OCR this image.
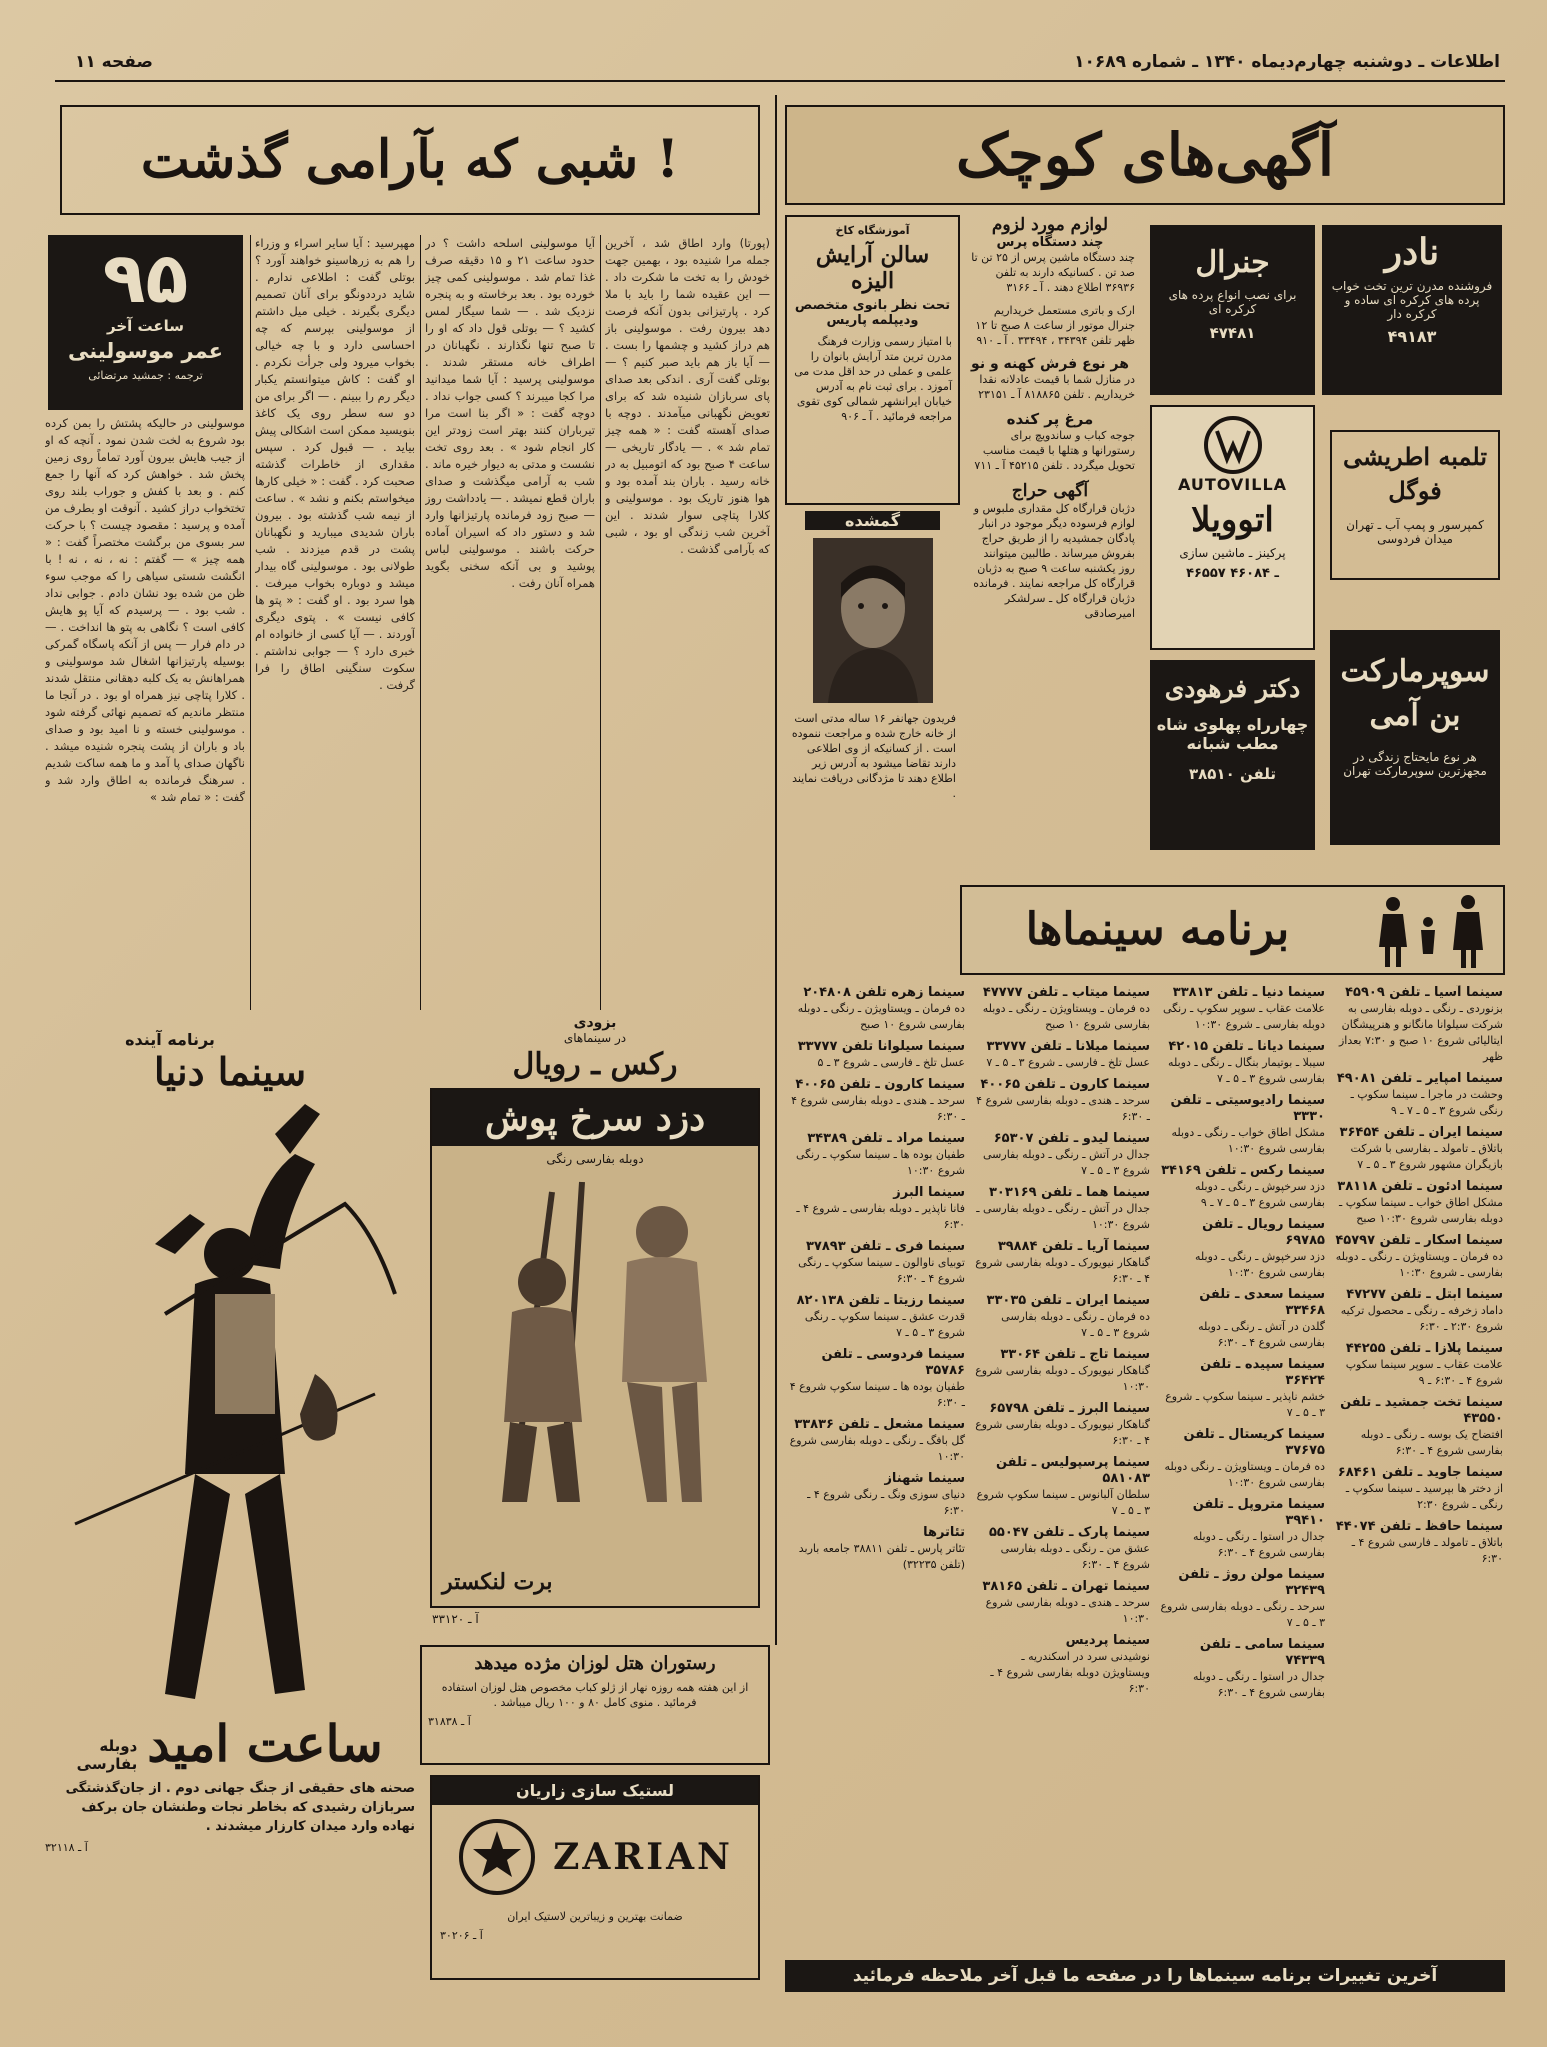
اطلاعات ـ دوشنبه چهارم‌دیماه ۱۳۴۰ ـ شماره ۱۰۶۸۹
صفحه ۱۱
شبی که بآرامی گذشت !
۹۵
ساعت آخر
عمر موسولینی
ترجمه : جمشید مرتضائی
موسولینی در حالیکه پشتش را بمن کرده بود شروع به لخت شدن نمود . آنچه که او از جیب هایش بیرون آورد تماماً روی زمین پخش شد . خواهش کرد که آنها را جمع کنم . و بعد با کفش و جوراب بلند روی تختخواب دراز کشید . آنوقت او بطرف من آمده و پرسید : مقصود چیست ؟ با حرکت سر بسوی من برگشت مختصراً گفت : « همه چیز » — گفتم : نه ، نه ، نه ! با انگشت شستی سیاهی را که موجب سوء ظن من شده بود نشان دادم . جوابی نداد . شب بود . — پرسیدم که آیا پو هایش کافی است ؟ نگاهی به پتو ها انداخت . — در دام فرار — پس از آنکه پاسگاه گمرکی بوسیله پارتیزانها اشغال شد موسولینی و همراهانش به یک کلبه دهقانی منتقل شدند . کلارا پتاچی نیز همراه او بود . در آنجا ما منتظر ماندیم که تصمیم نهائی گرفته شود . موسولینی خسته و نا امید بود و صدای باد و باران از پشت پنجره شنیده میشد . ناگهان صدای پا آمد و ما همه ساکت شدیم . سرهنگ فرمانده به اطاق وارد شد و گفت : « تمام شد »
مهپرسید : آیا سایر اسراء و وزراء را هم به زرهاسینو خواهند آورد ؟ بوتلی گفت : اطلاعی ندارم . شاید درددونگو برای آنان تصمیم دیگری بگیرند . خیلی میل داشتم از موسولینی بپرسم که چه احساسی دارد و با چه خیالی بخواب میرود ولی جرأت نکردم . او گفت : کاش میتوانستم یکبار دیگر رم را ببینم . — اگر برای من دو سه سطر روی یک کاغذ بنویسید ممکن است اشکالی پیش بیاید . — قبول کرد . سپس مقداری از خاطرات گذشته صحبت کرد . گفت : « خیلی کارها میخواستم بکنم و نشد » . ساعت از نیمه شب گذشته بود . بیرون باران شدیدی میبارید و نگهبانان پشت در قدم میزدند . شب طولانی بود . موسولینی گاه بیدار میشد و دوباره بخواب میرفت . هوا سرد بود . او گفت : « پتو ها کافی نیست » . پتوی دیگری آوردند . — آیا کسی از خانواده ام خبری دارد ؟ — جوابی نداشتم . سکوت سنگینی اطاق را فرا گرفت .
آیا موسولینی اسلحه داشت ؟ در حدود ساعت ۲۱ و ۱۵ دقیقه صرف غذا تمام شد . موسولینی کمی چیز خورده بود . بعد برخاسته و به پنجره نزدیک شد . — شما سیگار لمس کشید ؟ — بوتلی قول داد که او را تا صبح تنها نگذارند . نگهبانان در اطراف خانه مستقر شدند . موسولینی پرسید : آیا شما میدانید مرا کجا میبرند ؟ کسی جواب نداد . دوچه گفت : « اگر بنا است مرا تیرباران کنند بهتر است زودتر این کار انجام شود » . بعد روی تخت نشست و مدتی به دیوار خیره ماند . شب به آرامی میگذشت و صدای باران قطع نمیشد . — یادداشت روز — صبح زود فرمانده پارتیزانها وارد شد و دستور داد که اسیران آماده حرکت باشند . موسولینی لباس پوشید و بی آنکه سخنی بگوید همراه آنان رفت .
(پورتا) وارد اطاق شد ، آخرین جمله مرا شنیده بود ، بهمین جهت خودش را به تخت ما شکرت داد . — این عقیده شما را باید با ملا کرد . پارتیزانی بدون آنکه فرصت دهد بیرون رفت . موسولینی باز هم دراز کشید و چشمها را بست . — آیا باز هم باید صبر کنیم ؟ — بوتلی گفت آری . اندکی بعد صدای پای سربازان شنیده شد که برای تعویض نگهبانی میآمدند . دوچه با صدای آهسته گفت : « همه چیز تمام شد » . — یادگار تاریخی — ساعت ۴ صبح بود که اتومبیل به در خانه رسید . باران بند آمده بود و هوا هنوز تاریک بود . موسولینی و کلارا پتاچی سوار شدند . این آخرین شب زندگی او بود ، شبی که بآرامی گذشت .
آگهی‌های کوچک
آموزشگاه کاخ
سالن آرایش الیزه
تحت نظر بانوی متخصص ودیپلمه پاریس
با امتیاز رسمی وزارت فرهنگ مدرن ترین متد آرایش بانوان را علمی و عملی در حد اقل مدت می آموزد . برای ثبت نام به آدرس خیابان ایرانشهر شمالی کوی تقوی مراجعه فرمائید . آ ـ ۹۰۶
گمشده
فریدون جهانفر ۱۶ ساله مدتی است از خانه خارج شده و مراجعت ننموده است . از کسانیکه از وی اطلاعی دارند تقاضا میشود به آدرس زیر اطلاع دهند تا مژدگانی دریافت نمایند .
لوازم مورد لزوم
چند دستگاه پرس
چند دستگاه ماشین پرس از ۲۵ تن تا صد تن . کسانیکه دارند به تلفن ۳۶۹۳۶ اطلاع دهند . آ ـ ۳۱۶۶
ارک و باتری مستعمل خریداریم جنرال موتور از ساعت ۸ صبح تا ۱۲ ظهر تلفن ۳۴۳۹۴ ، ۳۳۴۹۴ . آ ـ ۹۱۰
هر نوع فرش کهنه و نو
در منازل شما با قیمت عادلانه نقدا خریداریم . تلفن ۸۱۸۸۶۵ آ ـ ۲۳۱۵۱
مرغ پر کنده
جوجه کباب و ساندویچ برای رستورانها و هتلها با قیمت مناسب تحویل میگردد . تلفن ۴۵۲۱۵ آ ـ ۷۱۱
آگهی حراج
دژبان قرارگاه کل مقداری ملبوس و لوازم فرسوده دیگر موجود در انبار پادگان جمشیدیه را از طریق حراج بفروش میرساند . طالبین میتوانند روز یکشنبه ساعت ۹ صبح به دژبان قرارگاه کل مراجعه نمایند . فرمانده دژبان قرارگاه کل ـ سرلشکر امیرصادقی
جنرال
برای نصب انواع پرده های کرکره ای
۴۷۴۸۱
نادر
فروشنده مدرن ترین تخت خواب پرده های کرکره ای ساده و کرکره دار
۴۹۱۸۳
AUTOVILLA
اتوویلا
پرکینز ـ ماشین سازی
۴۶۵۵۷ ـ ۴۶۰۸۴
تلمبه اطریشی فوگل
کمپرسور و پمپ آب ـ تهران میدان فردوسی
دکتر فرهودی
چهارراه پهلوی شاه مطب شبانه
تلفن ۳۸۵۱۰
سوپرمارکت بن آمی
هر نوع مایحتاج زندگی در مجهزترین سوپرمارکت تهران
برنامه سینماها
سینما آسیا ـ تلفن ۴۵۹۰۹
بزنوردی ـ رنگی ـ دوبله بفارسی به شرکت سیلوانا مانگانو و هنرپیشگان ایتالیائی شروع ۱۰ صبح و ۷:۳۰ بعداز ظهر
سینما امپایر ـ تلفن ۴۹۰۸۱
وحشت در ماجرا ـ سینما سکوپ ـ رنگی شروع ۳ ـ ۵ ـ ۷ ـ ۹
سینما ایران ـ تلفن ۳۶۴۵۴
باتلاق ـ تامولد ـ بفارسی با شرکت بازیگران مشهور شروع ۳ ـ ۵ ـ ۷
سینما ادئون ـ تلفن ۳۸۱۱۸
مشکل اطاق خواب ـ سینما سکوپ ـ دوبله بفارسی شروع ۱۰:۳۰ صبح
سینما اسکار ـ تلفن ۴۵۷۹۷
ده فرمان ـ ویستاویژن ـ رنگی ـ دوبله بفارسی ـ شروع ۱۰:۳۰
سینما ابتل ـ تلفن ۴۷۲۷۷
داماد زخرفه ـ رنگی ـ محصول ترکیه شروع ۲:۳۰ ـ ۶:۳۰
سینما پلازا ـ تلفن ۴۴۲۵۵
علامت عقاب ـ سوپر سینما سکوپ شروع ۴ ـ ۶:۳۰ ـ ۹
سینما تخت جمشید ـ تلفن ۴۳۵۵۰
افتضاح یک بوسه ـ رنگی ـ دوبله بفارسی شروع ۴ ـ ۶:۳۰
سینما جاوید ـ تلفن ۶۸۴۶۱
از دختر ها بپرسید ـ سینما سکوپ ـ رنگی ـ شروع ۲:۳۰
سینما حافظ ـ تلفن ۴۴۰۷۴
باتلاق ـ تامولد ـ فارسی شروع ۴ ـ ۶:۳۰
سینما دنیا ـ تلفن ۳۳۸۱۳
علامت عقاب ـ سوپر سکوپ ـ رنگی دوبله بفارسی ـ شروع ۱۰:۳۰
سینما دیانا ـ تلفن ۴۲۰۱۵
سیبلا ـ بوتیمار بنگال ـ رنگی ـ دوبله بفارسی شروع ۳ ـ ۵ ـ ۷
سینما رادیوسیتی ـ تلفن ۳۳۳۰
مشکل اطاق خواب ـ رنگی ـ دوبله بفارسی شروع ۱۰:۳۰
سینما رکس ـ تلفن ۳۴۱۶۹
دزد سرخپوش ـ رنگی ـ دوبله بفارسی شروع ۳ ـ ۵ ـ ۷ ـ ۹
سینما رویال ـ تلفن ۶۹۷۸۵
دزد سرخپوش ـ رنگی ـ دوبله بفارسی شروع ۱۰:۳۰
سینما سعدی ـ تلفن ۳۳۴۶۸
گلدن در آتش ـ رنگی ـ دوبله بفارسی شروع ۴ ـ ۶:۳۰
سینما سپیده ـ تلفن ۳۶۴۲۴
خشم ناپذیر ـ سینما سکوپ ـ شروع ۳ ـ ۵ ـ ۷
سینما کریستال ـ تلفن ۳۷۶۷۵
ده فرمان ـ ویستاویژن ـ رنگی دوبله بفارسی شروع ۱۰:۳۰
سینما متروپل ـ تلفن ۳۹۴۱۰
جدال در استوا ـ رنگی ـ دوبله بفارسی شروع ۴ ـ ۶:۳۰
سینما مولن روژ ـ تلفن ۳۲۴۳۹
سرحد ـ رنگی ـ دوبله بفارسی شروع ۳ ـ ۵ ـ ۷
سینما سامی ـ تلفن ۷۴۳۳۹
جدال در استوا ـ رنگی ـ دوبله بفارسی شروع ۴ ـ ۶:۳۰
سینما میتاب ـ تلفن ۴۷۷۷۷
ده فرمان ـ ویستاویژن ـ رنگی ـ دوبله بفارسی شروع ۱۰ صبح
سینما میلانا ـ تلفن ۳۳۷۷۷
عسل تلخ ـ فارسی ـ شروع ۳ ـ ۵ ـ ۷
سینما کارون ـ تلفن ۴۰۰۶۵
سرحد ـ هندی ـ دوبله بفارسی شروع ۴ ـ ۶:۳۰
سینما لیدو ـ تلفن ۶۵۳۰۷
جدال در آتش ـ رنگی ـ دوبله بفارسی شروع ۳ ـ ۵ ـ ۷
سینما هما ـ تلفن ۳۰۳۱۶۹
جدال در آتش ـ رنگی ـ دوبله بفارسی ـ شروع ۱۰:۳۰
سینما آریا ـ تلفن ۳۹۸۸۴
گناهکار نیویورک ـ دوبله بفارسی شروع ۴ ـ ۶:۳۰
سینما ایران ـ تلفن ۳۳۰۳۵
ده فرمان ـ رنگی ـ دوبله بفارسی شروع ۳ ـ ۵ ـ ۷
سینما تاج ـ تلفن ۳۳۰۶۴
گناهکار نیویورک ـ دوبله بفارسی شروع ۱۰:۳۰
سینما البرز ـ تلفن ۶۵۷۹۸
گناهکار نیویورک ـ دوبله بفارسی شروع ۴ ـ ۶:۳۰
سینما پرسپولیس ـ تلفن ۵۸۱۰۸۳
سلطان آلبانوس ـ سینما سکوپ شروع ۳ ـ ۵ ـ ۷
سینما پارک ـ تلفن ۵۵۰۴۷
عشق من ـ رنگی ـ دوبله بفارسی شروع ۴ ـ ۶:۳۰
سینما تهران ـ تلفن ۳۸۱۶۵
سرحد ـ هندی ـ دوبله بفارسی شروع ۱۰:۳۰
سینما پردیس
نوشیدنی سرد در اسکندریه ـ ویستاویژن دوبله بفارسی شروع ۴ ـ ۶:۳۰
سینما زهره تلفن ۲۰۴۸۰۸
ده فرمان ـ ویستاویژن ـ رنگی ـ دوبله بفارسی شروع ۱۰ صبح
سینما سیلوانا تلفن ۳۳۷۷۷
عسل تلخ ـ فارسی ـ شروع ۳ ـ ۵
سینما کارون ـ تلفن ۴۰۰۶۵
سرحد ـ هندی ـ دوبله بفارسی شروع ۴ ـ ۶:۳۰
سینما مراد ـ تلفن ۳۴۳۸۹
طفیان بوده ها ـ سینما سکوپ ـ رنگی شروع ۱۰:۳۰
سینما البرز
فانا ناپذیر ـ دوبله بفارسی ـ شروع ۴ ـ ۶:۳۰
سینما فری ـ تلفن ۳۷۸۹۳
توبیای ناوالون ـ سینما سکوپ ـ رنگی شروع ۴ ـ ۶:۳۰
سینما رزیتا ـ تلفن ۸۲۰۱۳۸
قدرت عشق ـ سینما سکوپ ـ رنگی شروع ۳ ـ ۵ ـ ۷
سینما فردوسی ـ تلفن ۳۵۷۸۶
طفیان بوده ها ـ سینما سکوپ شروع ۴ ـ ۶:۳۰
سینما مشعل ـ تلفن ۳۳۸۳۶
گل بافگ ـ رنگی ـ دوبله بفارسی شروع ۱۰:۳۰
سینما شهناز
دنیای سوزی ونگ ـ رنگی شروع ۴ ـ ۶:۳۰
تئاترها
تئاتر پارس ـ تلفن ۳۸۸۱۱ جامعه باربد (تلفن ۳۲۲۳۵)
آخرین تغییرات برنامه سینماها را در صفحه ما قبل آخر ملاحظه فرمائید
بزودی
در سینماهای
رکس ـ رویال
دزد سرخ پوش
دوبله بفارسی رنگی
برت لنکستر
آ ـ ۳۳۱۲۰
رستوران هتل لوزان مژده میدهد
از این هفته همه روزه نهار از ژلو کباب مخصوص هتل لوزان استفاده فرمائید . منوی کامل ۸۰ و ۱۰۰ ریال میباشد .
آ ـ ۳۱۸۳۸
لستیک سازی زاریان
ZARIAN
ضمانت بهترین و زیباترین لاستیک ایران
آ ـ ۳۰۲۰۶
برنامه آینده
سینما دنیا
ساعت امید
دوبله بفارسی
صحنه های حقیقی از جنگ جهانی دوم . از جان‌گذشتگی سربازان رشیدی که بخاطر نجات وطنشان جان برکف نهاده وارد میدان کارزار میشدند .
آ ـ ۳۲۱۱۸
